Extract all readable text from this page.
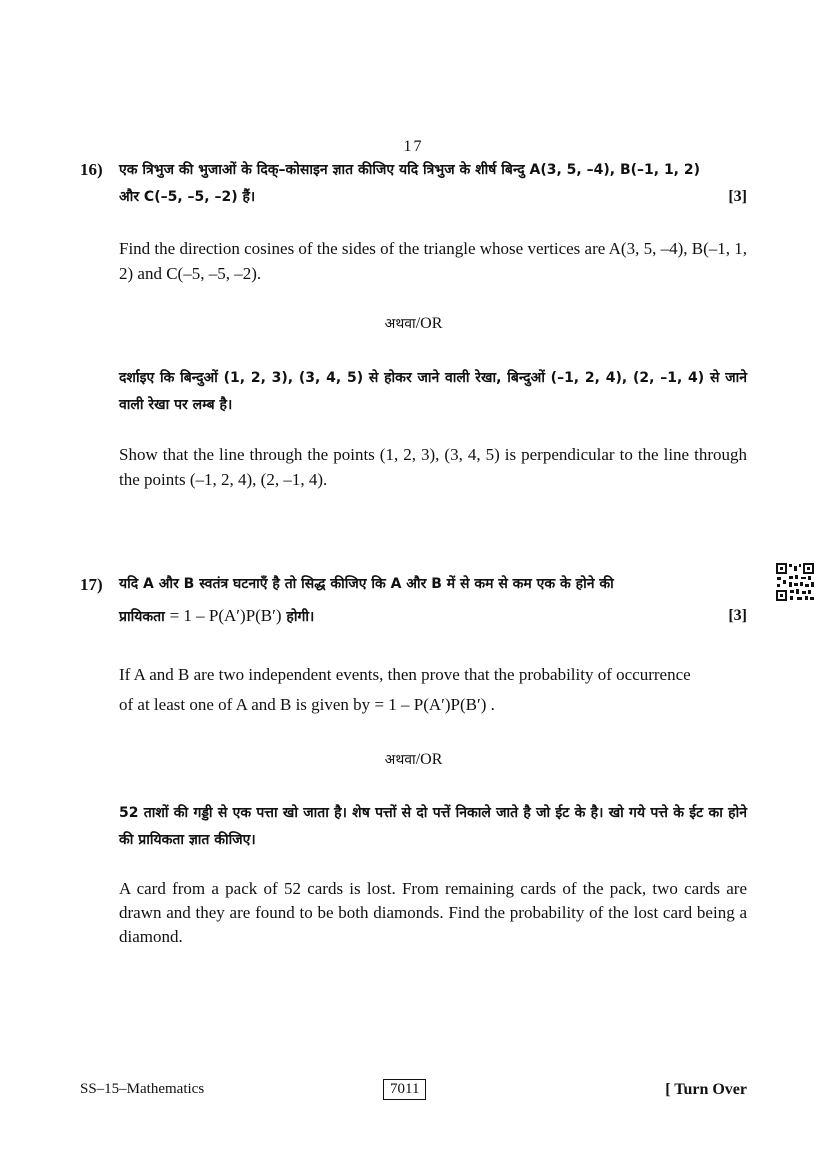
17
16) एक त्रिभुज की भुजाओं के दिक्–कोसाइन ज्ञात कीजिए यदि त्रिभुज के शीर्ष बिन्दु A(3, 5, –4), B(–1, 1, 2)
और C(–5, –5, –2) हैं।	[3]
Find the direction cosines of the sides of the triangle whose vertices are A(3, 5, –4), B(–1, 1, 2) and C(–5, –5, –2).
अथवा/OR
दर्शाइए कि बिन्दुओं (1, 2, 3), (3, 4, 5) से होकर जाने वाली रेखा, बिन्दुओं (–1, 2, 4), (2, –1, 4) से जाने वाली रेखा पर लम्ब है।
Show that the line through the points (1, 2, 3), (3, 4, 5) is perpendicular to the line through the points (–1, 2, 4), (2, –1, 4).
17) यदि A और B स्वतंत्र घटनाएँ है तो सिद्ध कीजिए कि A और B में से कम से कम एक के होने की
प्रायिकता = 1 – P(A′)P(B′) होगी।	[3]
If A and B are two independent events, then prove that the probability of occurrence
of at least one of A and B is given by = 1 – P(A′)P(B′) .
अथवा/OR
52 ताशों की गड्डी से एक पत्ता खो जाता है। शेष पत्तों से दो पत्तें निकाले जाते है जो ईट के है। खो गये पत्ते के ईट का होने की प्रायिकता ज्ञात कीजिए।
A card from a pack of 52 cards is lost. From remaining cards of the pack, two cards are drawn and they are found to be both diamonds. Find the probability of the lost card being a diamond.
SS–15–Mathematics	7011	[ Turn Over
